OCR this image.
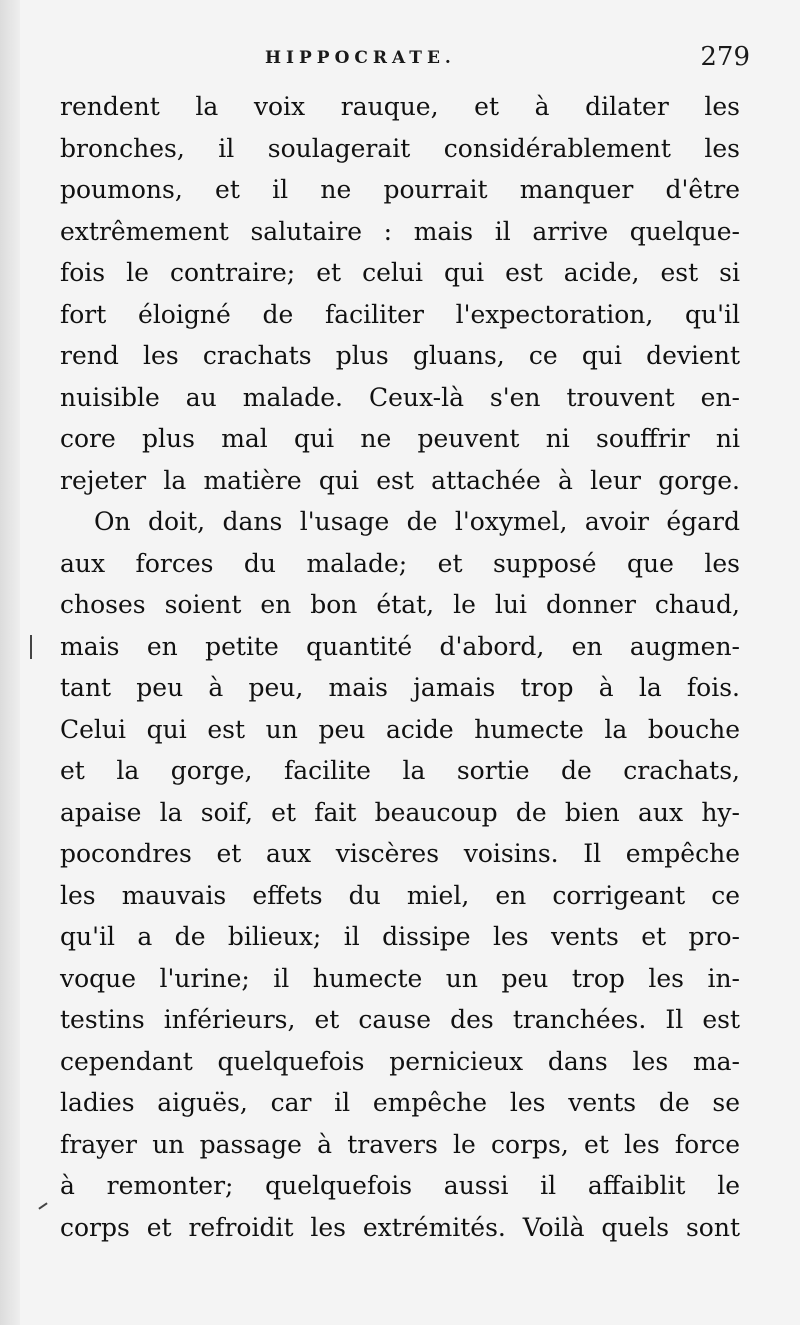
HIPPOCRATE.	279
rendent la voix rauque, et à dilater les
bronches, il soulagerait considérablement les
poumons, et il ne pourrait manquer d'être
extrêmement salutaire : mais il arrive quelque-
fois le contraire; et celui qui est acide, est si
fort éloigné de faciliter l'expectoration, qu'il
rend les crachats plus gluans, ce qui devient
nuisible au malade. Ceux-là s'en trouvent en-
core plus mal qui ne peuvent ni souffrir ni
rejeter la matière qui est attachée à leur gorge.
On doit, dans l'usage de l'oxymel, avoir égard
aux forces du malade; et supposé que les
choses soient en bon état, le lui donner chaud,
mais en petite quantité d'abord, en augmen-
tant peu à peu, mais jamais trop à la fois.
Celui qui est un peu acide humecte la bouche
et la gorge, facilite la sortie de crachats,
apaise la soif, et fait beaucoup de bien aux hy-
pocondres et aux viscères voisins. Il empêche
les mauvais effets du miel, en corrigeant ce
qu'il a de bilieux; il dissipe les vents et pro-
voque l'urine; il humecte un peu trop les in-
testins inférieurs, et cause des tranchées. Il est
cependant quelquefois pernicieux dans les ma-
ladies aiguës, car il empêche les vents de se
frayer un passage à travers le corps, et les force
à remonter; quelquefois aussi il affaiblit le
corps et refroidit les extrémités. Voilà quels sont
